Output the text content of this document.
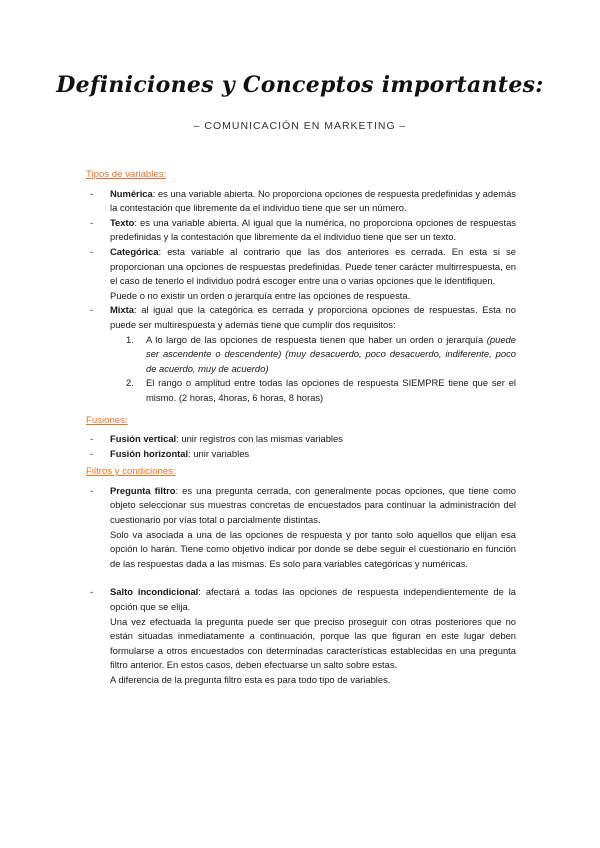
Definiciones y Conceptos importantes:
– COMUNICACIÓN EN MARKETING –
Tipos de variables:
- Numérica: es una variable abierta. No proporciona opciones de respuesta predefinidas y además la contestación que libremente da el individuo tiene que ser un número.
- Texto: es una variable abierta. Al igual que la numérica, no proporciona opciones de respuestas predefinidas y la contestación que libremente da el individuo tiene que ser un texto.
- Categórica: esta variable al contrario que las dos anteriores es cerrada. En esta si se proporcionan una opciones de respuestas predefinidas. Puede tener carácter multirrespuesta, en el caso de tenerlo el individuo podrá escoger entre una o varias opciones que le identifiquen.
Puede o no existir un orden o jerarquía entre las opciones de respuesta.
- Mixta: al igual que la categórica es cerrada y proporciona opciones de respuestas. Esta no puede ser multirespuesta y además tiene que cumplir dos requisitos:
1. A lo largo de las opciones de respuesta tienen que haber un orden o jerarquía (puede ser ascendente o descendente) (muy desacuerdo, poco desacuerdo, indiferente, poco de acuerdo, muy de acuerdo)
2. El rango o amplitud entre todas las opciones de respuesta SIEMPRE tiene que ser el mismo. (2 horas, 4horas, 6 horas, 8 horas)
Fusiones:
- Fusión vertical: unir registros con las mismas variables
- Fusión horizontal: unir variables
Filtros y condiciones:
- Pregunta filtro: es una pregunta cerrada, con generalmente pocas opciones, que tiene como objeto seleccionar sus muestras concretas de encuestados para continuar la administración del cuestionario por vías total o parcialmente distintas.
Solo va asociada a una de las opciones de respuesta y por tanto solo aquellos que elijan esa opción lo harán. Tiene como objetivo indicar por donde se debe seguir el cuestionario en función de las respuestas dada a las mismas. Es solo para variables categóricas y numéricas.
- Salto incondicional: afectará a todas las opciones de respuesta independientemente de la opción que se elija.
Una vez efectuada la pregunta puede ser que preciso proseguir con otras posteriores que no están situadas inmediatamente a continuación, porque las que figuran en este lugar deben formularse a otros encuestados con determinadas características establecidas en una pregunta filtro anterior. En estos casos, deben efectuarse un salto sobre estas.
A diferencia de la pregunta filtro esta es para todo tipo de variables.
